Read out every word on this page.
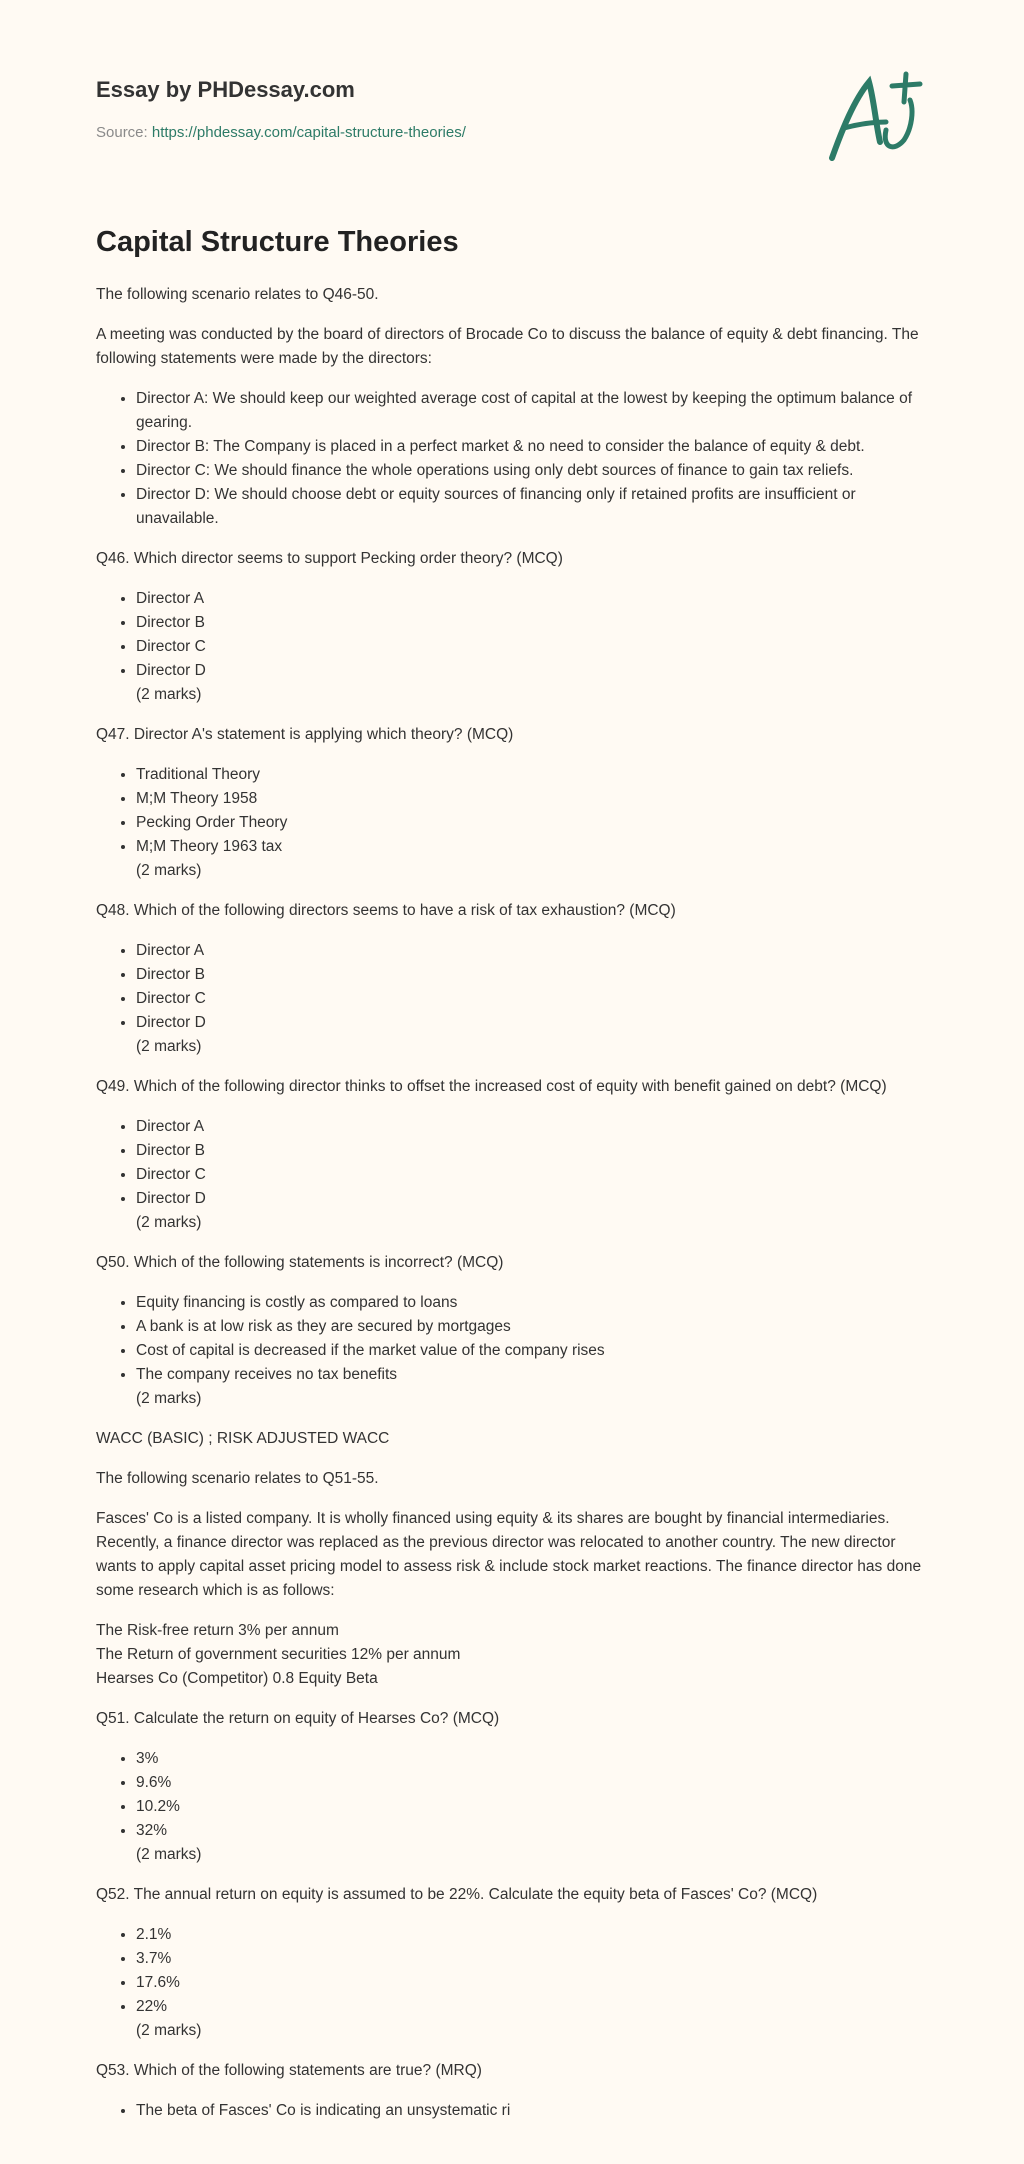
Essay by PHDessay.com
Source: https://phdessay.com/capital-structure-theories/
Capital Structure Theories

The following scenario relates to Q46-50.

A meeting was conducted by the board of directors of Brocade Co to discuss the balance of equity & debt financing. The following statements were made by the directors:

• Director A: We should keep our weighted average cost of capital at the lowest by keeping the optimum balance of gearing.
• Director B: The Company is placed in a perfect market & no need to consider the balance of equity & debt.
• Director C: We should finance the whole operations using only debt sources of finance to gain tax reliefs.
• Director D: We should choose debt or equity sources of financing only if retained profits are insufficient or unavailable.

Q46. Which director seems to support Pecking order theory? (MCQ)

• Director A
• Director B
• Director C
• Director D
(2 marks)

Q47. Director A's statement is applying which theory? (MCQ)

• Traditional Theory
• M;M Theory 1958
• Pecking Order Theory
• M;M Theory 1963 tax
(2 marks)

Q48. Which of the following directors seems to have a risk of tax exhaustion? (MCQ)

• Director A
• Director B
• Director C
• Director D
(2 marks)

Q49. Which of the following director thinks to offset the increased cost of equity with benefit gained on debt? (MCQ)

• Director A
• Director B
• Director C
• Director D
(2 marks)

Q50. Which of the following statements is incorrect? (MCQ)

• Equity financing is costly as compared to loans
• A bank is at low risk as they are secured by mortgages
• Cost of capital is decreased if the market value of the company rises
• The company receives no tax benefits
(2 marks)

WACC (BASIC) ; RISK ADJUSTED WACC

The following scenario relates to Q51-55.

Fasces' Co is a listed company. It is wholly financed using equity & its shares are bought by financial intermediaries. Recently, a finance director was replaced as the previous director was relocated to another country. The new director wants to apply capital asset pricing model to assess risk & include stock market reactions. The finance director has done some research which is as follows:

The Risk-free return 3% per annum
The Return of government securities 12% per annum
Hearses Co (Competitor) 0.8 Equity Beta

Q51. Calculate the return on equity of Hearses Co? (MCQ)

• 3%
• 9.6%
• 10.2%
• 32%
(2 marks)

Q52. The annual return on equity is assumed to be 22%. Calculate the equity beta of Fasces' Co? (MCQ)

• 2.1%
• 3.7%
• 17.6%
• 22%
(2 marks)

Q53. Which of the following statements are true? (MRQ)

• The beta of Fasces' Co is indicating an unsystematic ri
